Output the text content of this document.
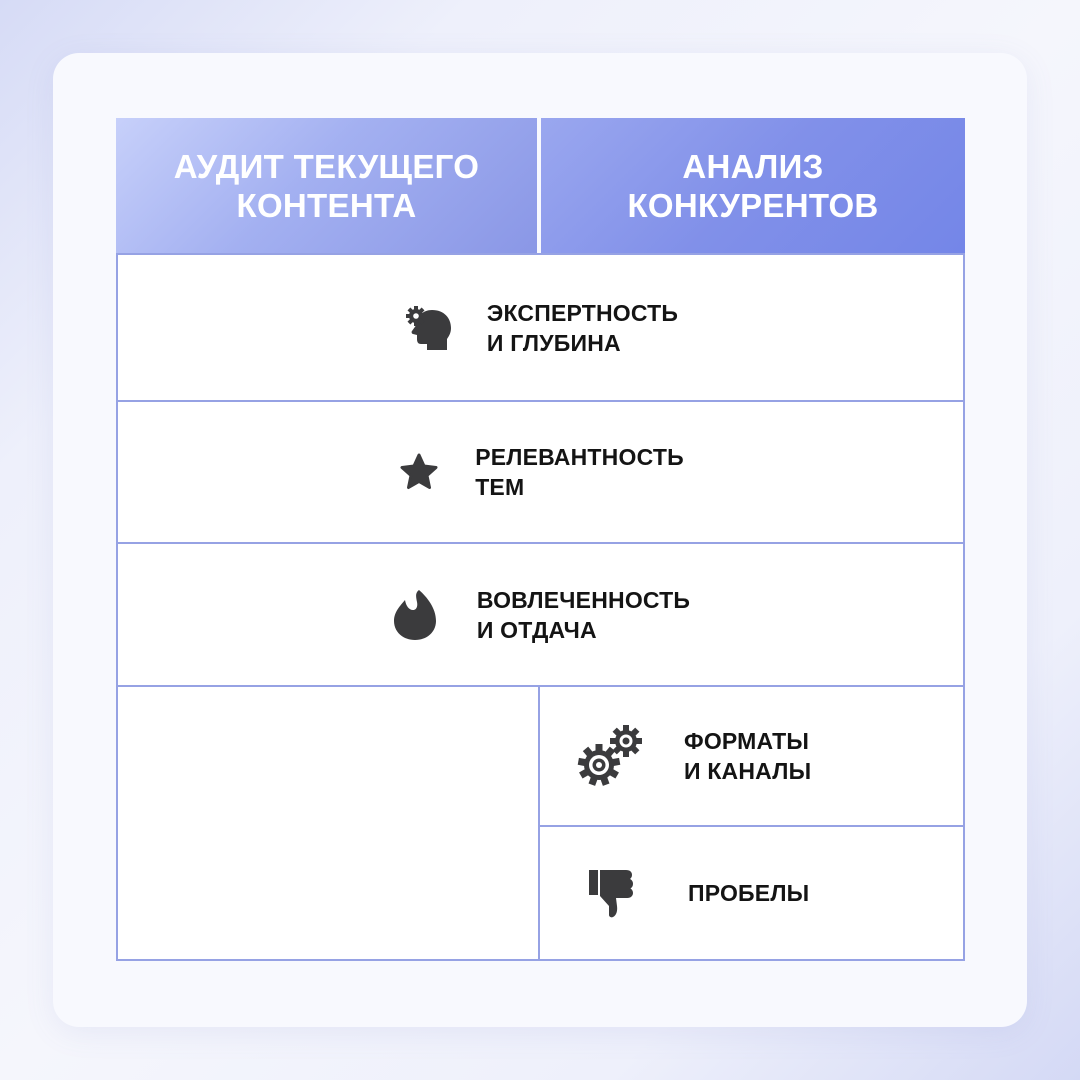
АУДИТ ТЕКУЩЕГО
КОНТЕНТА
АНАЛИЗ
КОНКУРЕНТОВ
ЭКСПЕРТНОСТЬ
И ГЛУБИНА
РЕЛЕВАНТНОСТЬ
ТЕМ
ВОВЛЕЧЕННОСТЬ
И ОТДАЧА
ФОРМАТЫ
И КАНАЛЫ
ПРОБЕЛЫ
